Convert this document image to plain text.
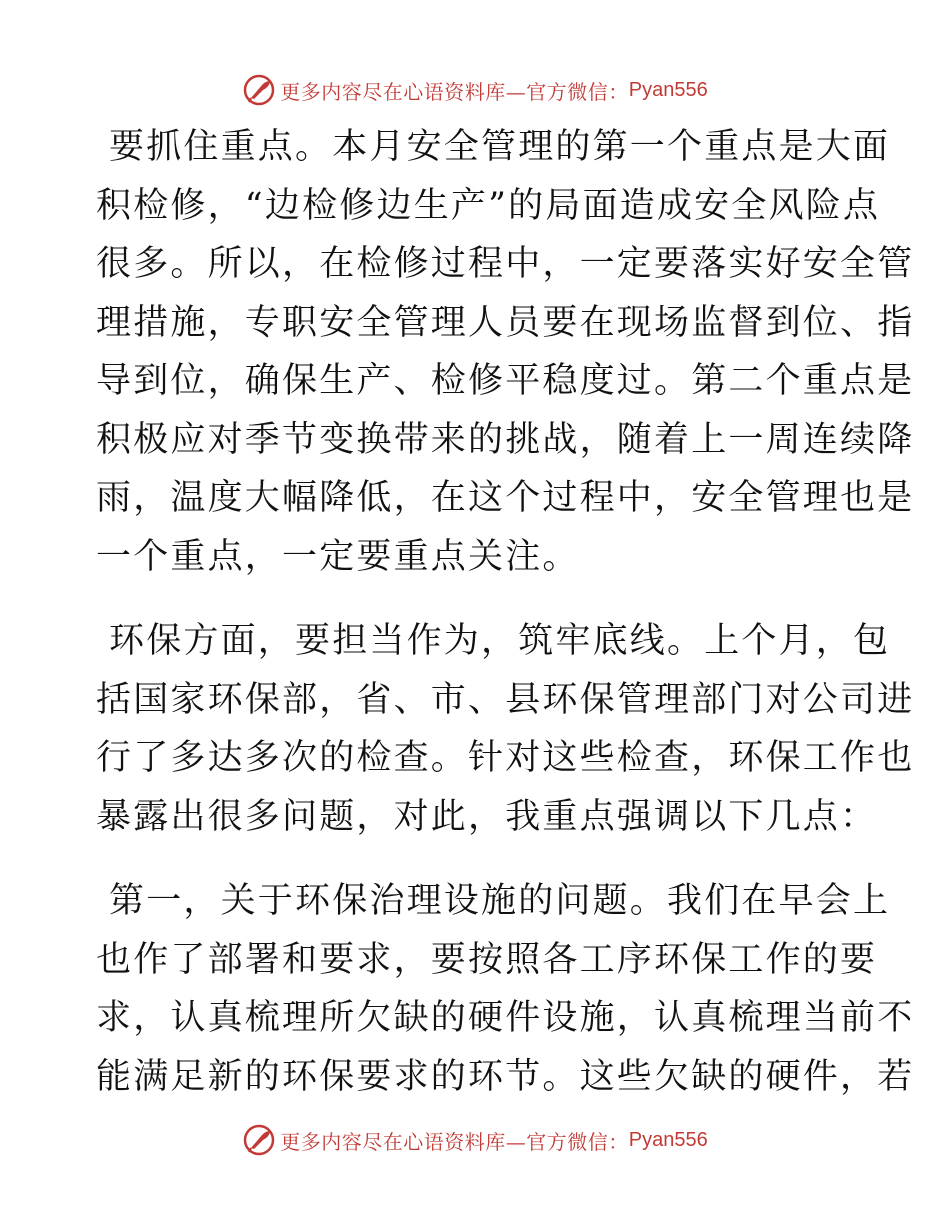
更多内容尽在心语资料库—官方微信： Pyan556

要抓住重点。本月安全管理的第一个重点是大面
积检修，“边检修边生产”的局面造成安全风险点
很多。所以，在检修过程中，一定要落实好安全管
理措施，专职安全管理人员要在现场监督到位、指
导到位，确保生产、检修平稳度过。第二个重点是
积极应对季节变换带来的挑战，随着上一周连续降
雨，温度大幅降低，在这个过程中，安全管理也是
一个重点，一定要重点关注。

环保方面，要担当作为，筑牢底线。上个月，包
括国家环保部，省、市、县环保管理部门对公司进
行了多达多次的检查。针对这些检查，环保工作也
暴露出很多问题，对此，我重点强调以下几点：

第一，关于环保治理设施的问题。我们在早会上
也作了部署和要求，要按照各工序环保工作的要
求，认真梳理所欠缺的硬件设施，认真梳理当前不
能满足新的环保要求的环节。这些欠缺的硬件，若

更多内容尽在心语资料库—官方微信： Pyan556
